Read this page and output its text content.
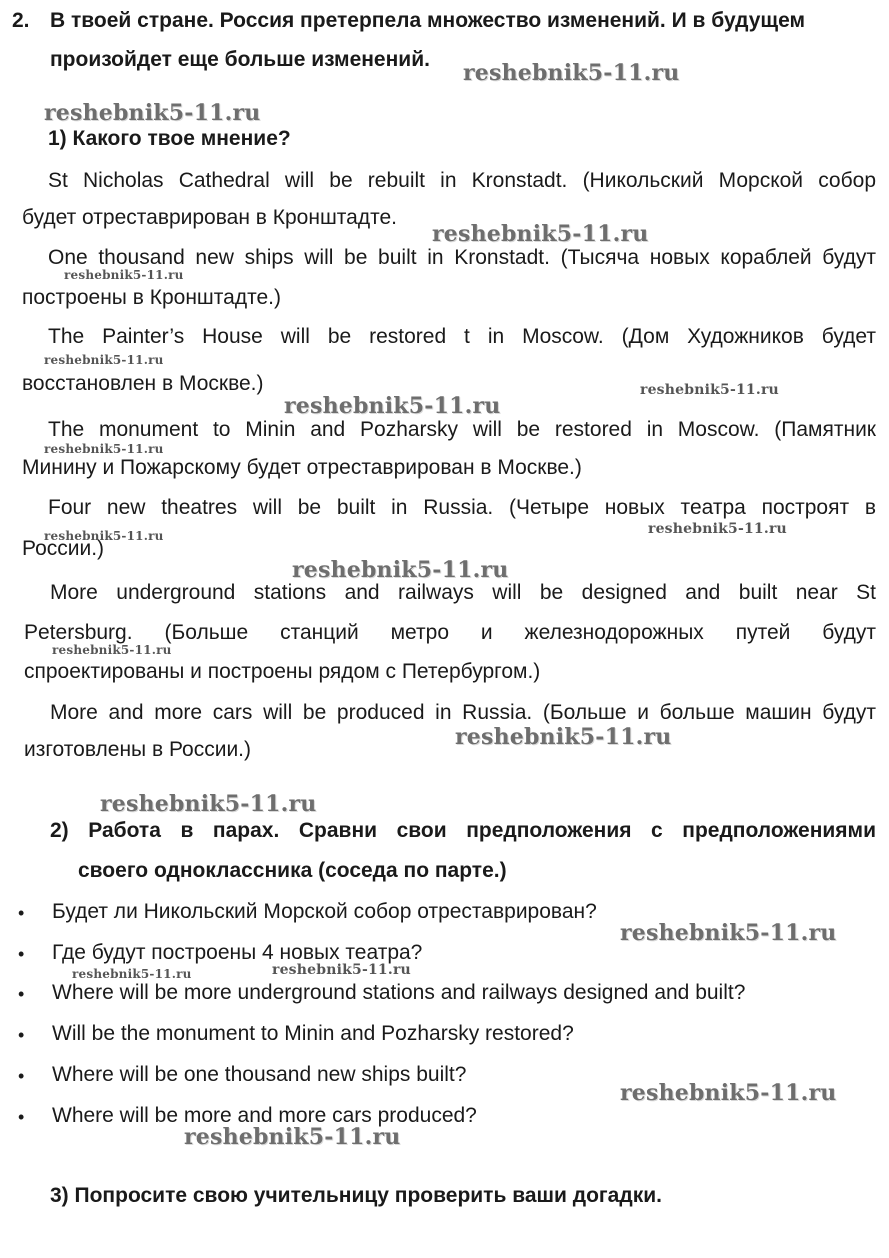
2. В твоей стране. Россия претерпела множество изменений. И в будущем
произойдет еще больше изменений.
1) Какого твое мнение?
St Nicholas Cathedral will be rebuilt in Kronstadt. (Никольский Морской собор
будет отреставрирован в Кронштадте.
One thousand new ships will be built in Kronstadt. (Тысяча новых кораблей будут
построены в Кронштадте.)
The Painter’s House will be restored t in Moscow. (Дом Художников будет
восстановлен в Москве.)
The monument to Minin and Pozharsky will be restored in Moscow. (Памятник
Минину и Пожарскому будет отреставрирован в Москве.)
Four new theatres will be built in Russia. (Четыре новых театра построят в
России.)
More underground stations and railways will be designed and built near St
Petersburg. (Больше станций метро и железнодорожных путей будут
спроектированы и построены рядом с Петербургом.)
More and more cars will be produced in Russia. (Больше и больше машин будут
изготовлены в России.)
2) Работа в парах. Сравни свои предположения с предположениями
своего одноклассника (соседа по парте.)
• Будет ли Никольский Морской собор отреставрирован?
• Где будут построены 4 новых театра?
• Where will be more underground stations and railways designed and built?
• Will be the monument to Minin and Pozharsky restored?
• Where will be one thousand new ships built?
• Where will be more and more cars produced?
3) Попросите свою учительницу проверить ваши догадки.
reshebnik5-11.ru
reshebnik5-11.ru
reshebnik5-11.ru
reshebnik5-11.ru
reshebnik5-11.ru
reshebnik5-11.ru
reshebnik5-11.ru
reshebnik5-11.ru
reshebnik5-11.ru
reshebnik5-11.ru
reshebnik5-11.ru
reshebnik5-11.ru
reshebnik5-11.ru
reshebnik5-11.ru
reshebnik5-11.ru
reshebnik5-11.ru	reshebnik5-11.ru
reshebnik5-11.ru
reshebnik5-11.ru
